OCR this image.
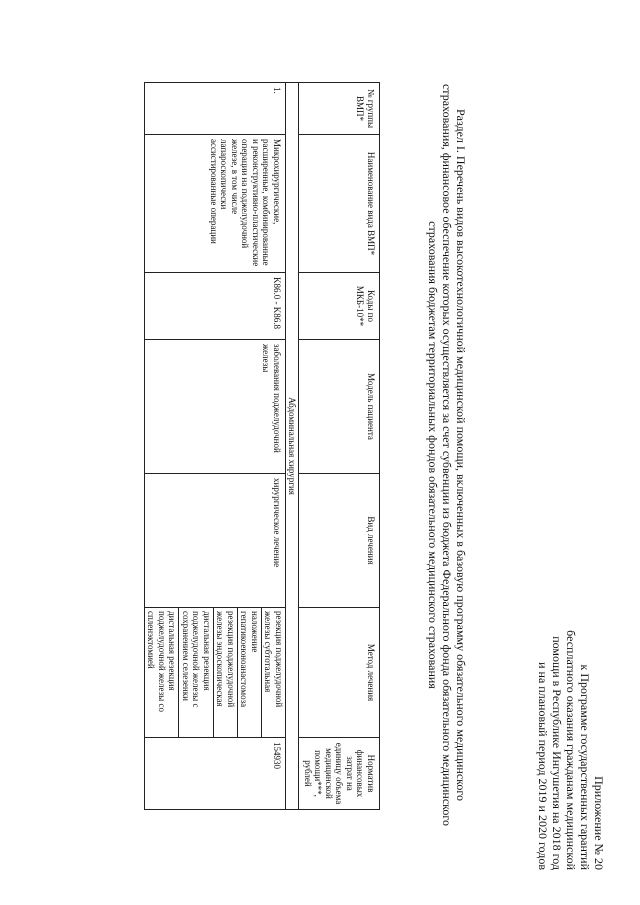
Приложение № 20
к Программе государственных гарантий
бесплатного оказания гражданам медицинской
помощи в Республике Ингушетия на 2018 год
и на плановый период 2019 и 2020 годов
Раздел I. Перечень видов высокотехнологичной медицинской помощи, включенных в базовую программу обязательного медицинского страхования, финансовое обеспечение которых осуществляется за счет субвенции из бюджета Федерального фонда обязательного медицинского страхования бюджетам территориальных фондов обязательного медицинского страхования
№ группы ВМП*	Наименование вида ВМП*	Коды по МКБ-10**	Модель пациента	Вид лечения	Метод лечения	Норматив финансовых затрат на единицу объема медицинской помощи***, рублей
Абдоминальная хирургия						
1.	Микрохирургические, расширенные, комбинированные и реконструктивно-пластические операции на поджелудочной железе, в том числе лапароскопически ассистированные операции	K86.0 - K86.8	заболевания поджелудочной железы	хирургическое лечение	резекция поджелудочной железы субтотальная
наложение гепатикоеюноанастомоза
резекция поджелудочной железы эндоскопическая
дистальная резекция поджелудочной железы с сохранением селезенки
дистальная резекция поджелудочной железы со спленэктомией	154930
